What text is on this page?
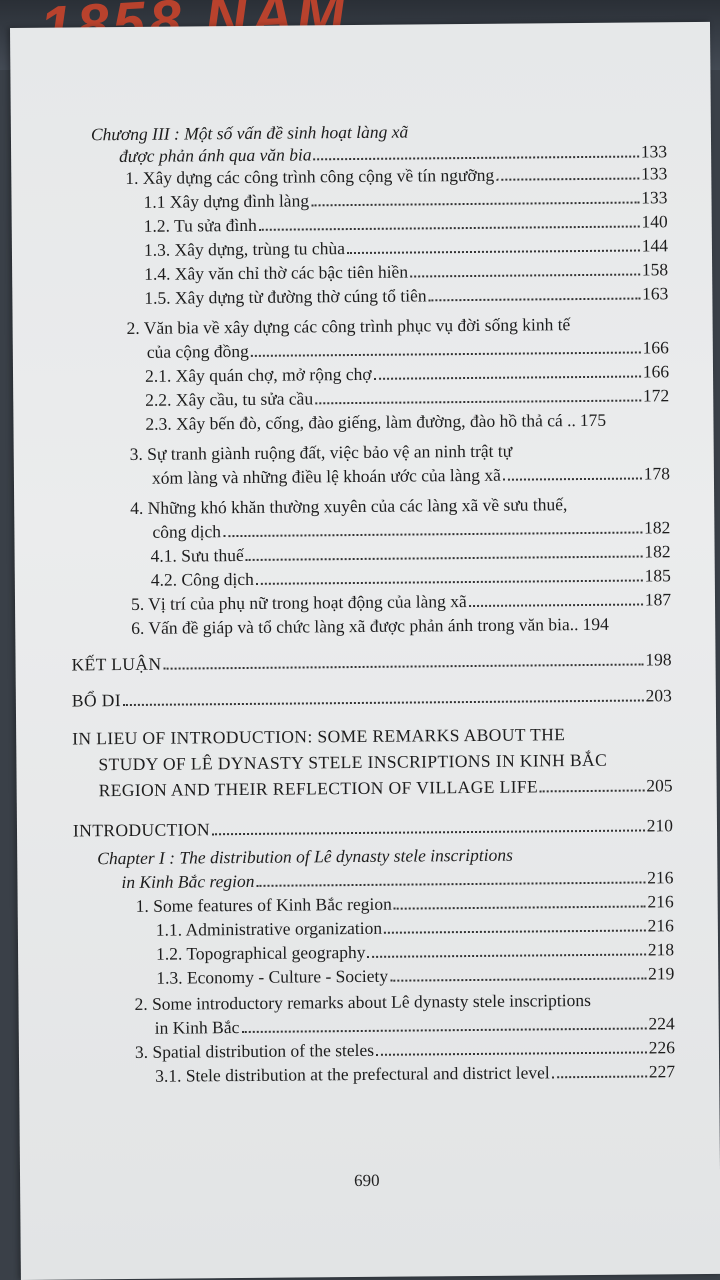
Chương III : Một số vấn đề sinh hoạt làng xã
được phản ánh qua văn bia	133
1. Xây dựng các công trình công cộng về tín ngưỡng	133
1.1 Xây dựng đình làng	133
1.2. Tu sửa đình	140
1.3. Xây dựng, trùng tu chùa	144
1.4. Xây văn chỉ thờ các bậc tiên hiền	158
1.5. Xây dựng từ đường thờ cúng tổ tiên	163
2. Văn bia về xây dựng các công trình phục vụ đời sống kinh tế
của cộng đồng	166
2.1. Xây quán chợ, mở rộng chợ	166
2.2. Xây cầu, tu sửa cầu	172
2.3. Xây bến đò, cống, đào giếng, làm đường, đào hồ thả cá .. 175
3. Sự tranh giành ruộng đất, việc bảo vệ an ninh trật tự
xóm làng và những điều lệ khoán ước của làng xã	178
4. Những khó khăn thường xuyên của các làng xã về sưu thuế,
công dịch	182
4.1. Sưu thuế	182
4.2. Công dịch	185
5. Vị trí của phụ nữ trong hoạt động của làng xã	187
6. Vấn đề giáp và tổ chức làng xã được phản ánh trong văn bia.. 194
KẾT LUẬN	198
BỔ DI	203
IN LIEU OF INTRODUCTION: SOME REMARKS ABOUT THE
STUDY OF LÊ DYNASTY STELE INSCRIPTIONS IN KINH BẮC
REGION AND THEIR REFLECTION OF VILLAGE LIFE	205
INTRODUCTION	210
Chapter I : The distribution of Lê dynasty stele inscriptions
in Kinh Bắc region	216
1. Some features of Kinh Bắc region	216
1.1. Administrative organization	216
1.2. Topographical geography	218
1.3. Economy - Culture - Society	219
2. Some introductory remarks about Lê dynasty stele inscriptions
in Kinh Bắc	224
3. Spatial distribution of the steles	226
3.1. Stele distribution at the prefectural and district level	227
690
